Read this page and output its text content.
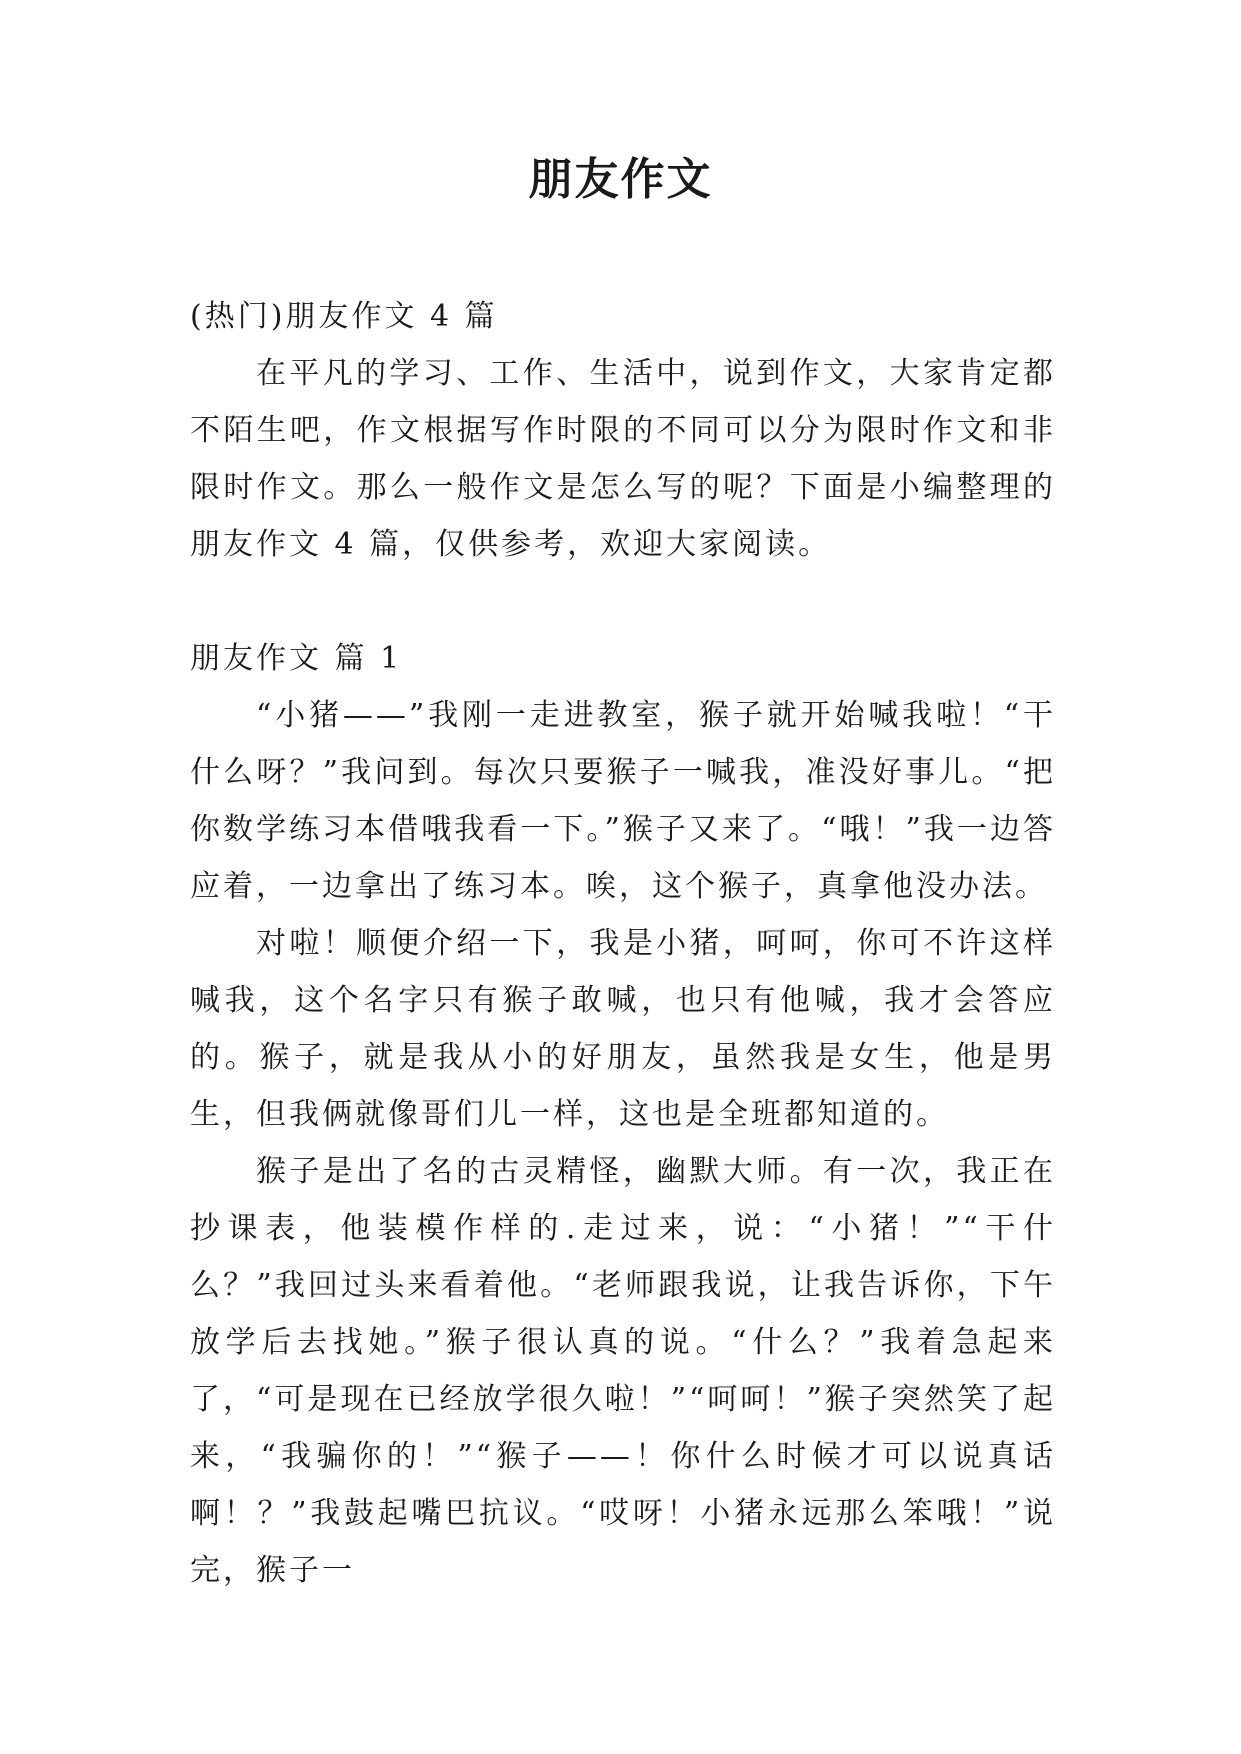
朋友作文

(热门)朋友作文 4 篇

在平凡的学习、工作、生活中，说到作文，大家肯定都不陌生吧，作文根据写作时限的不同可以分为限时作文和非限时作文。那么一般作文是怎么写的呢？下面是小编整理的朋友作文 4 篇，仅供参考，欢迎大家阅读。

朋友作文 篇 1

“小猪——”我刚一走进教室，猴子就开始喊我啦！“干什么呀？”我问到。每次只要猴子一喊我，准没好事儿。“把你数学练习本借哦我看一下。”猴子又来了。“哦！”我一边答应着，一边拿出了练习本。唉，这个猴子，真拿他没办法。

对啦！顺便介绍一下，我是小猪，呵呵，你可不许这样喊我，这个名字只有猴子敢喊，也只有他喊，我才会答应的。猴子，就是我从小的好朋友，虽然我是女生，他是男生，但我俩就像哥们儿一样，这也是全班都知道的。

猴子是出了名的古灵精怪，幽默大师。有一次，我正在抄课表，他装模作样的.走过来，说：“小猪！”“干什么？”我回过头来看着他。“老师跟我说，让我告诉你，下午放学后去找她。”猴子很认真的说。“什么？”我着急起来了，“可是现在已经放学很久啦！”“呵呵！”猴子突然笑了起来，“我骗你的！”“猴子——！你什么时候才可以说真话啊！？”我鼓起嘴巴抗议。“哎呀！小猪永远那么笨哦！”说完，猴子一
